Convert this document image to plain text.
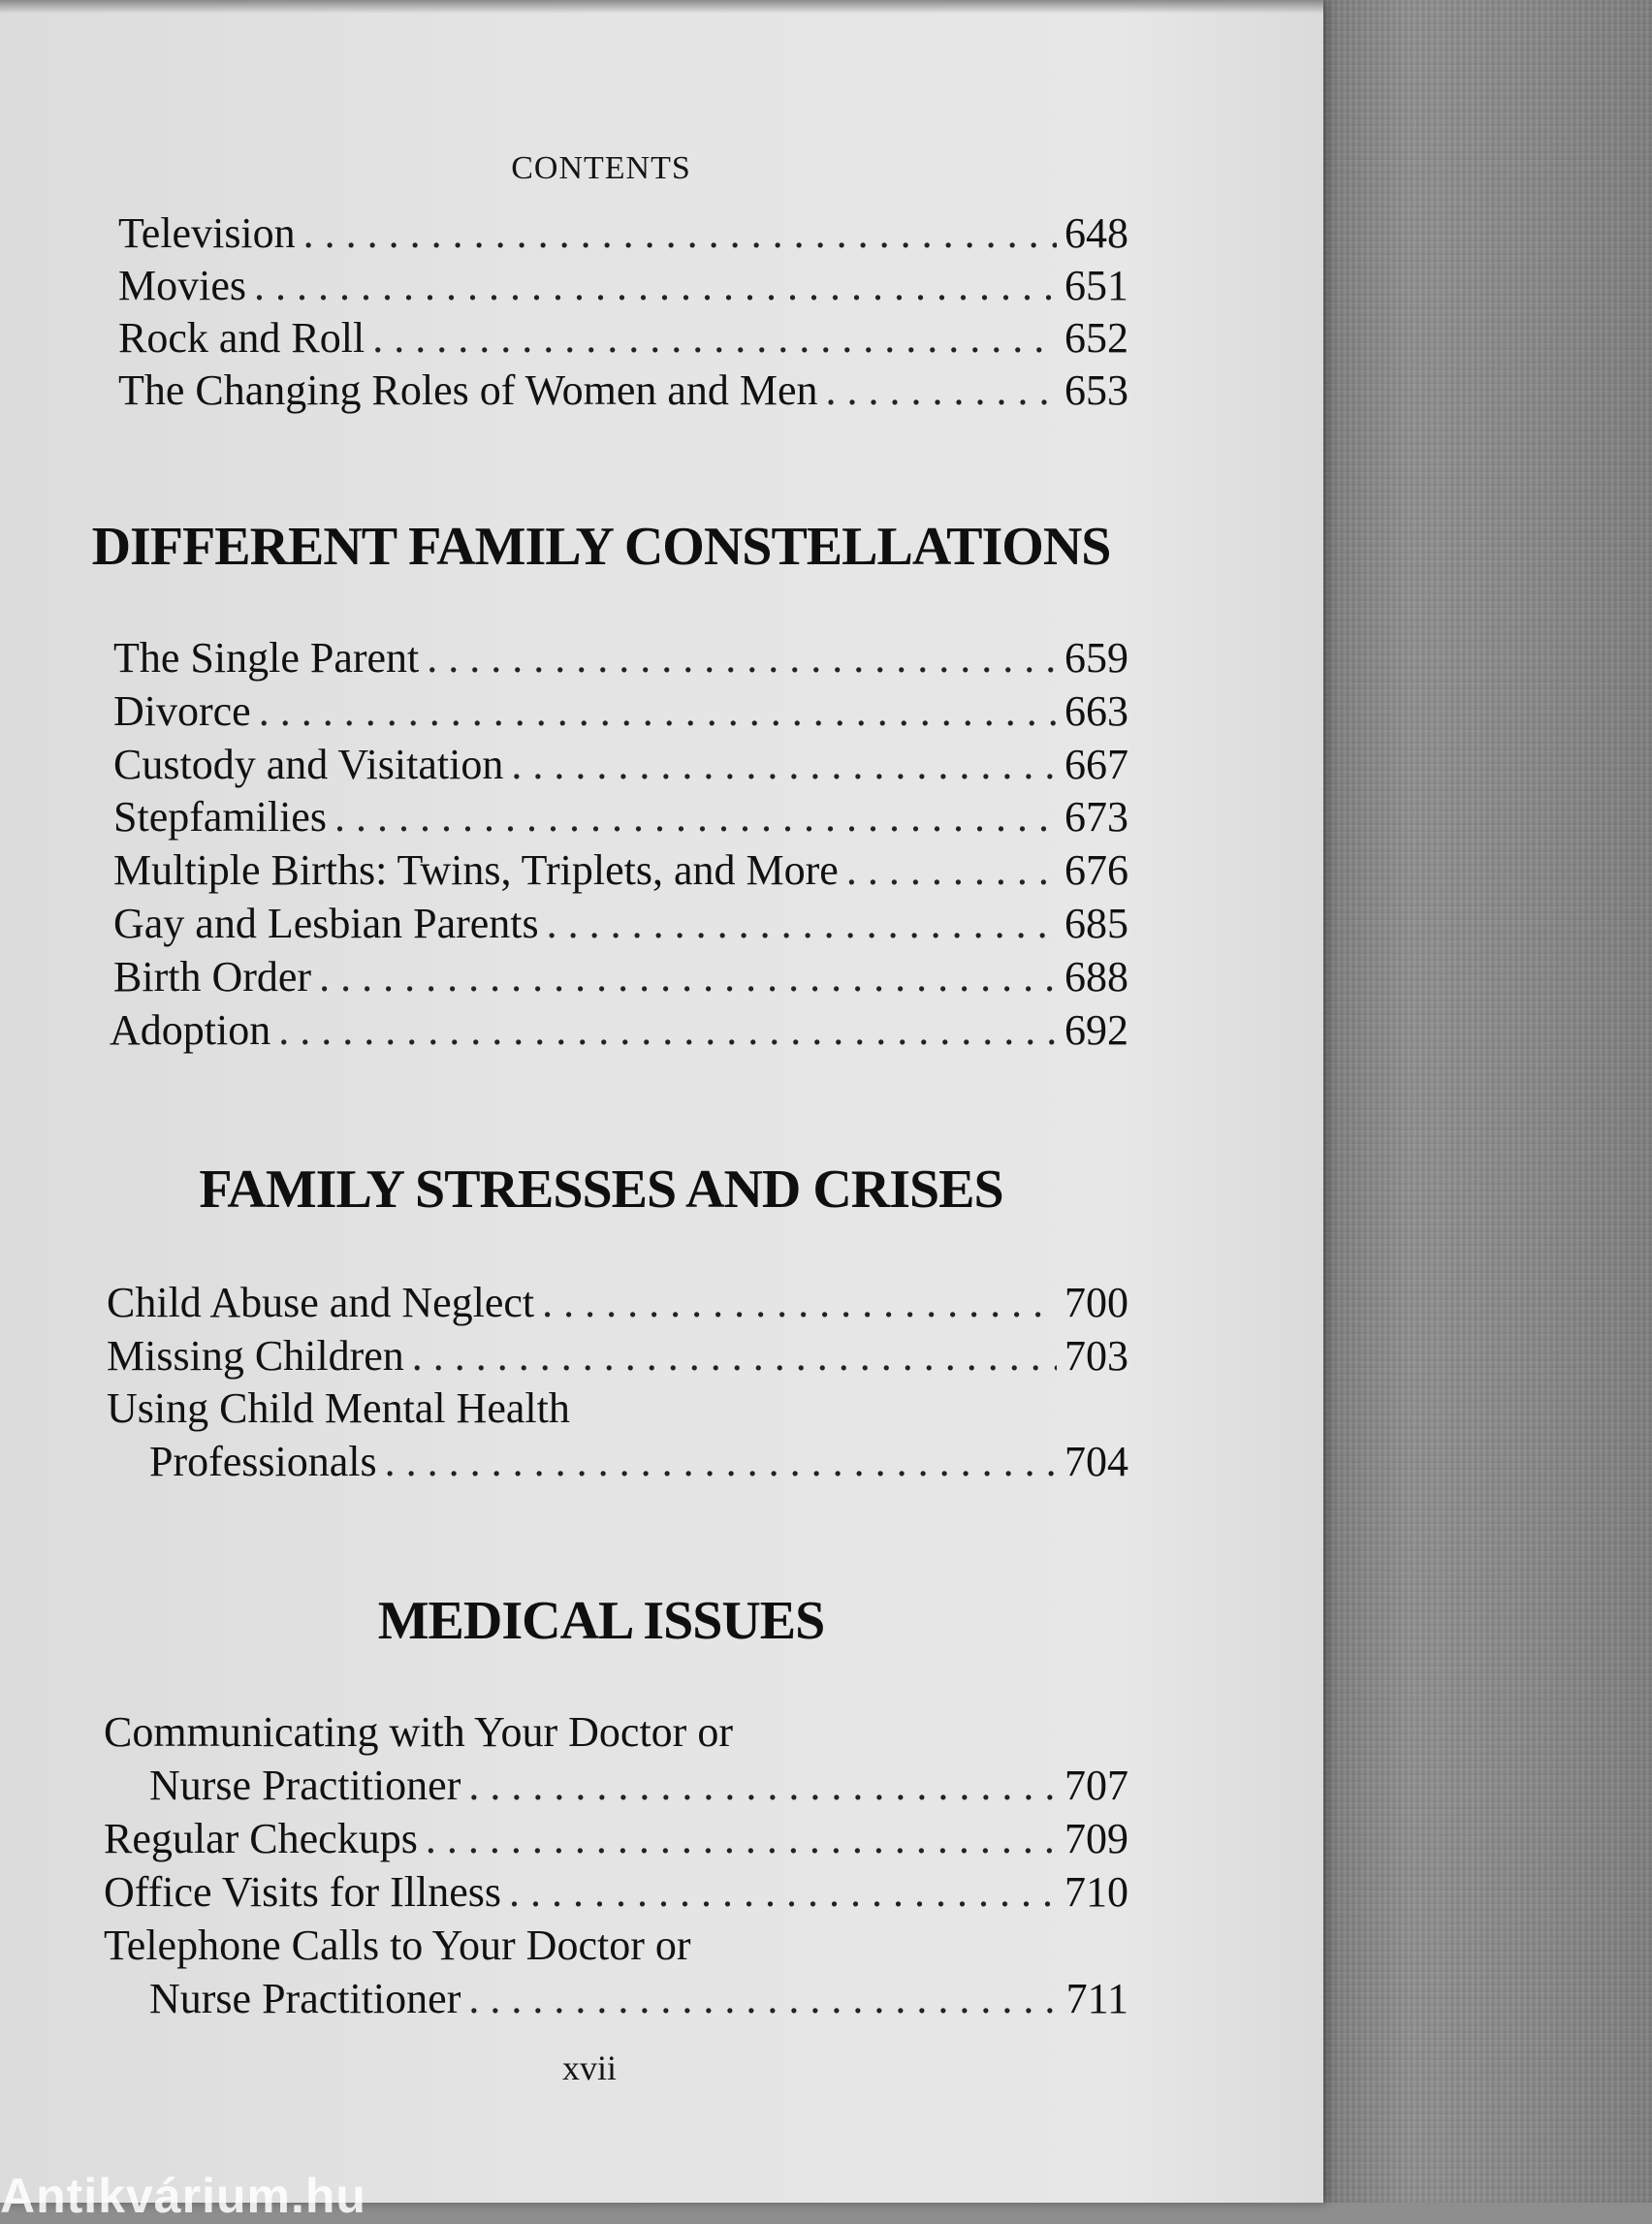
CONTENTS
Television . . .	648
Movies . . .	651
Rock and Roll . . .	652
The Changing Roles of Women and Men . . .	653
DIFFERENT FAMILY CONSTELLATIONS
The Single Parent . . .	659
Divorce . . .	663
Custody and Visitation . . .	667
Stepfamilies . . .	673
Multiple Births: Twins, Triplets, and More . . .	676
Gay and Lesbian Parents . . .	685
Birth Order . . .	688
Adoption . . .	692
FAMILY STRESSES AND CRISES
Child Abuse and Neglect . . .	700
Missing Children . . .	703
Using Child Mental Health
Professionals . . .	704
MEDICAL ISSUES
Communicating with Your Doctor or
Nurse Practitioner . . .	707
Regular Checkups . . .	709
Office Visits for Illness . . .	710
Telephone Calls to Your Doctor or
Nurse Practitioner . . .	711
xvii
Antikvárium.hu
